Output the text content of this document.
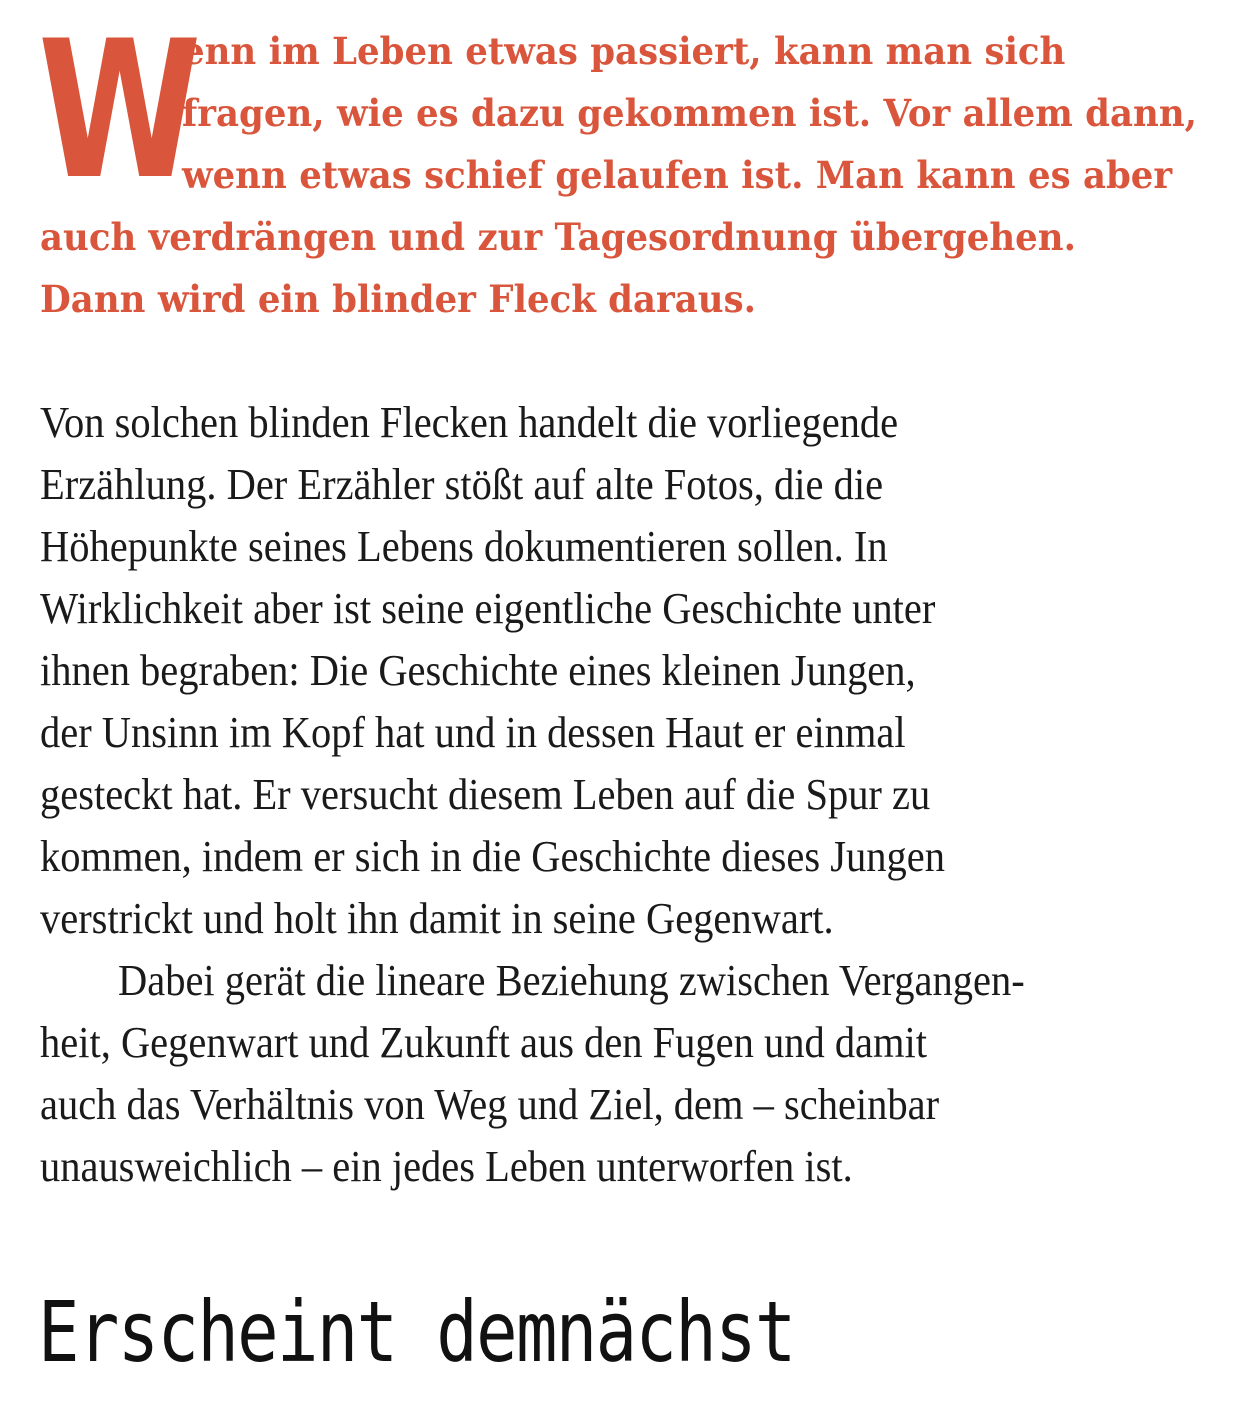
W
enn im Leben etwas passiert, kann man sich
fragen, wie es dazu gekommen ist. Vor allem dann,
wenn etwas schief gelaufen ist. Man kann es aber
auch verdrängen und zur Tagesordnung übergehen.
Dann wird ein blinder Fleck daraus.
Von solchen blinden Flecken handelt die vorliegende
Erzählung. Der Erzähler stößt auf alte Fotos, die die
Höhepunkte seines Lebens dokumentieren sollen. In
Wirklichkeit aber ist seine eigentliche Geschichte unter
ihnen begraben: Die Geschichte eines kleinen Jungen,
der Unsinn im Kopf hat und in dessen Haut er einmal
gesteckt hat. Er versucht diesem Leben auf die Spur zu
kommen, indem er sich in die Geschichte dieses Jungen
verstrickt und holt ihn damit in seine Gegenwart.
Dabei gerät die lineare Beziehung zwischen Vergangen-
heit, Gegenwart und Zukunft aus den Fugen und damit
auch das Verhältnis von Weg und Ziel, dem – scheinbar
unausweichlich – ein jedes Leben unterworfen ist.
Erscheint demnächst
